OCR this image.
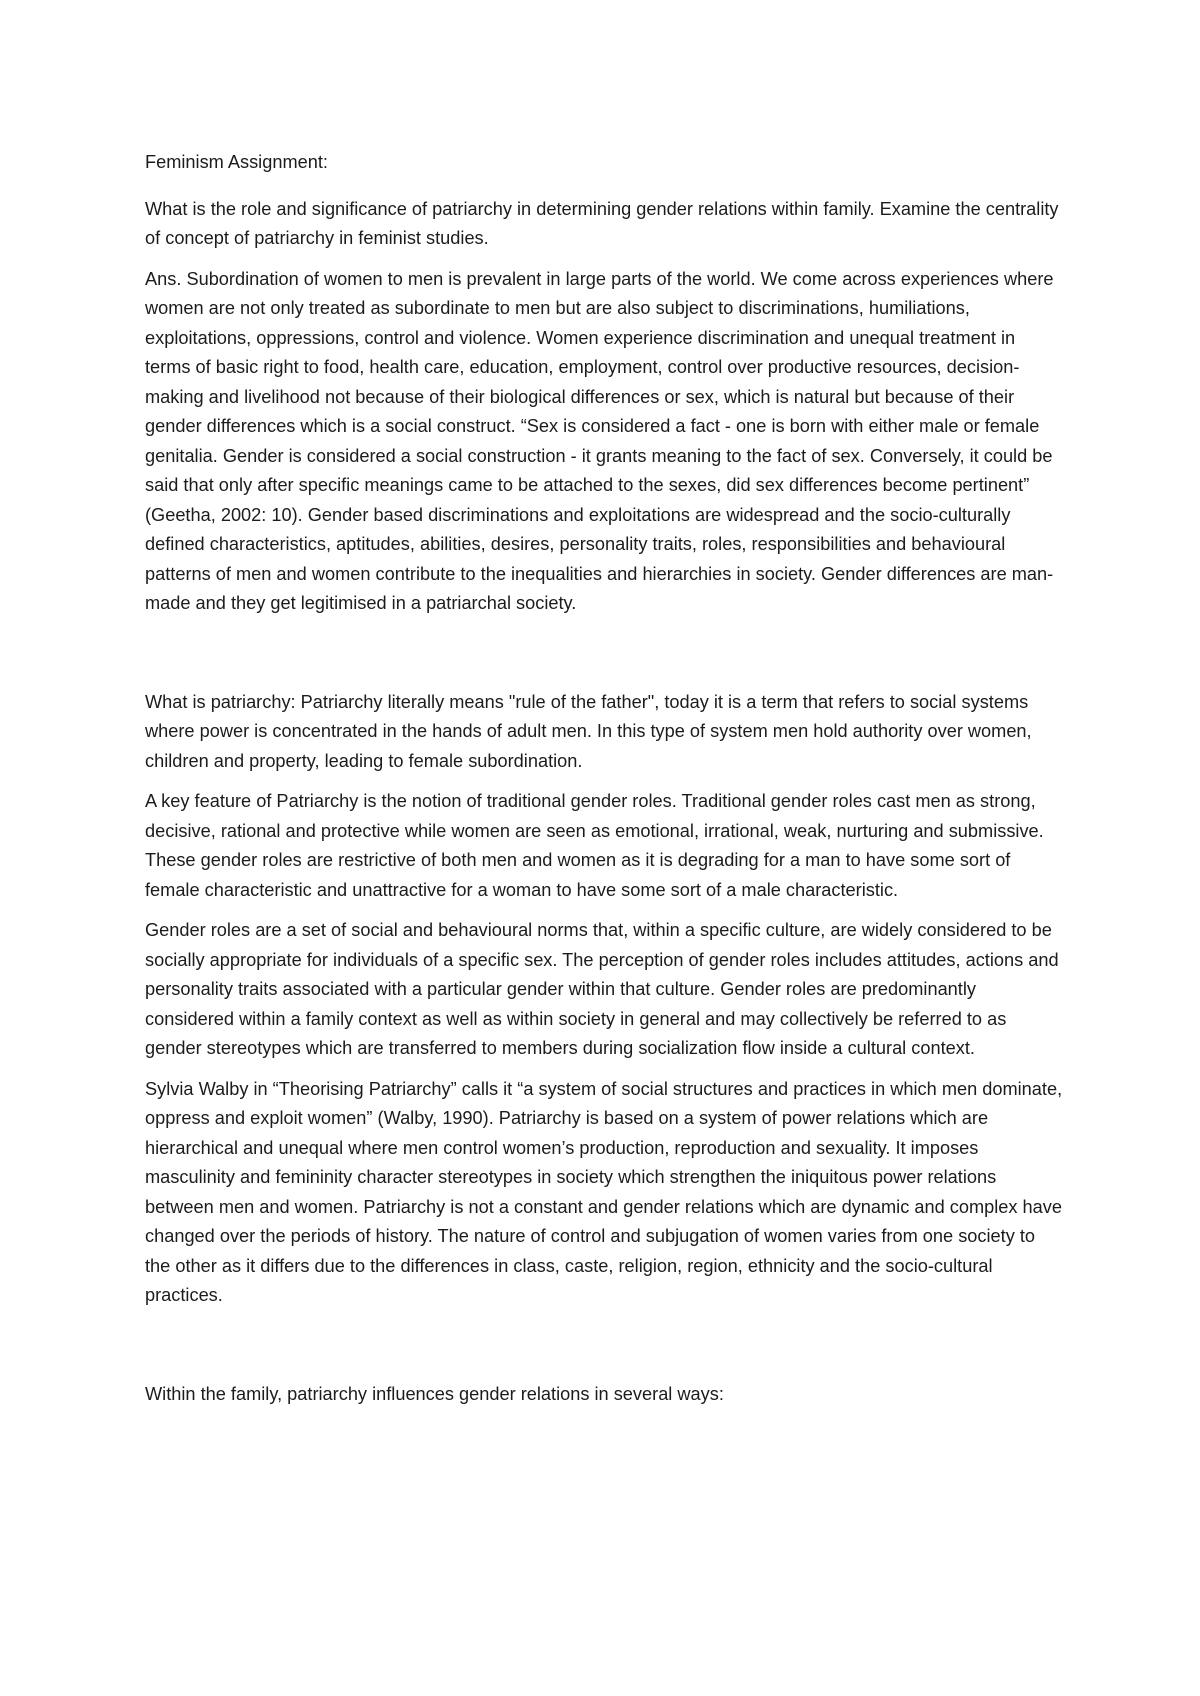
Feminism Assignment:

What is the role and significance of patriarchy in determining gender relations within family. Examine the centrality of concept of patriarchy in feminist studies.

Ans. Subordination of women to men is prevalent in large parts of the world. We come across experiences where women are not only treated as subordinate to men but are also subject to discriminations, humiliations, exploitations, oppressions, control and violence. Women experience discrimination and unequal treatment in terms of basic right to food, health care, education, employment, control over productive resources, decision-making and livelihood not because of their biological differences or sex, which is natural but because of their gender differences which is a social construct. “Sex is considered a fact - one is born with either male or female genitalia. Gender is considered a social construction - it grants meaning to the fact of sex. Conversely, it could be said that only after specific meanings came to be attached to the sexes, did sex differences become pertinent” (Geetha, 2002: 10). Gender based discriminations and exploitations are widespread and the socio-culturally defined characteristics, aptitudes, abilities, desires, personality traits, roles, responsibilities and behavioural patterns of men and women contribute to the inequalities and hierarchies in society. Gender differences are man-made and they get legitimised in a patriarchal society.

What is patriarchy: Patriarchy literally means "rule of the father", today it is a term that refers to social systems where power is concentrated in the hands of adult men. In this type of system men hold authority over women, children and property, leading to female subordination.

A key feature of Patriarchy is the notion of traditional gender roles. Traditional gender roles cast men as strong, decisive, rational and protective while women are seen as emotional, irrational, weak, nurturing and submissive. These gender roles are restrictive of both men and women as it is degrading for a man to have some sort of female characteristic and unattractive for a woman to have some sort of a male characteristic.

Gender roles are a set of social and behavioural norms that, within a specific culture, are widely considered to be socially appropriate for individuals of a specific sex. The perception of gender roles includes attitudes, actions and personality traits associated with a particular gender within that culture. Gender roles are predominantly considered within a family context as well as within society in general and may collectively be referred to as gender stereotypes which are transferred to members during socialization flow inside a cultural context.

Sylvia Walby in “Theorising Patriarchy” calls it “a system of social structures and practices in which men dominate, oppress and exploit women” (Walby, 1990). Patriarchy is based on a system of power relations which are hierarchical and unequal where men control women’s production, reproduction and sexuality. It imposes masculinity and femininity character stereotypes in society which strengthen the iniquitous power relations between men and women. Patriarchy is not a constant and gender relations which are dynamic and complex have changed over the periods of history. The nature of control and subjugation of women varies from one society to the other as it differs due to the differences in class, caste, religion, region, ethnicity and the socio-cultural practices.

Within the family, patriarchy influences gender relations in several ways:
